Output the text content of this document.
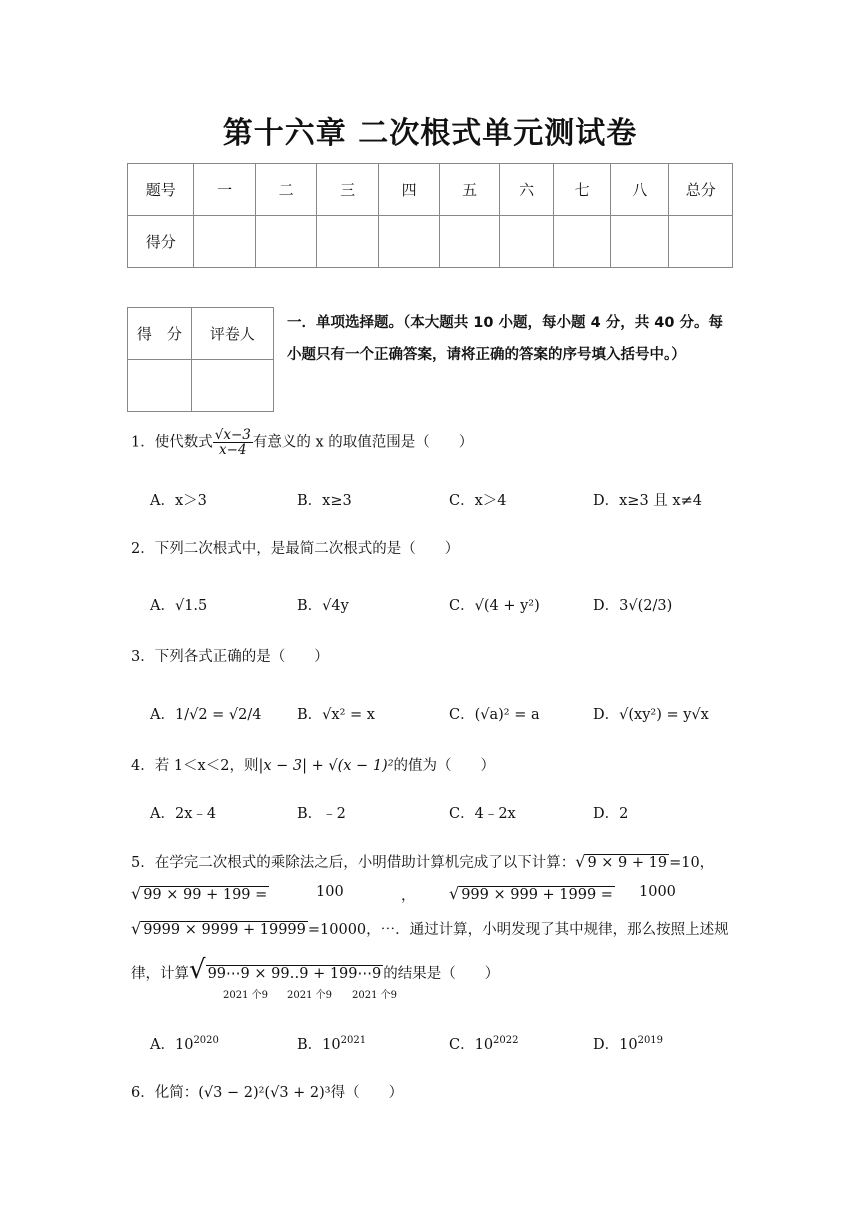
第十六章 二次根式单元测试卷
题号	一	二	三	四	五	六	七	八	总分
得分									
得　分	评卷人

一．单项选择题。（本大题共 10 小题，每小题 4 分，共 40 分。每小题只有一个正确答案，请将正确的答案的序号填入括号中。）
1．使代数式 $\frac{√x-3}{x-4}$ 有意义的 x 的取值范围是（　　）
A．x＞3	B．x≥3	C．x＞4	D．x≥3 且 x≠4
2．下列二次根式中，是最简二次根式的是（　　）
A．√1.5	B．√4y	C．√(4 + y²)	D．3√(2/3)
3．下列各式正确的是（　　）
A．1/√2 = √2/4 B．√x² = x	C．(√a)² = a	D．√(xy²) = y√x
4．若 1＜x＜2，则|x − 3| + √(x − 1)²的值为（　　）
A．2x﹣4	B．﹣2	C．4﹣2x	D．2
5．在学完二次根式的乘除法之后，小明借助计算机完成了以下计算：√ 9 × 9 + 19 =10，
√ 99 × 99 + 199 =	100	， √ 999 × 999 + 1999 = 1000
√ 9999 × 9999 + 19999 =10000，⋯．通过计算，小明发现了其中规律，那么按照上述规
律，计算√ 99⋯9 × 99‥9 + 199⋯9 的结果是（　　）
2021 个9 2021 个9 2021 个9
A．$10^{2020}$	B．$10^{2021}$	C．$10^{2022}$	D．$10^{2019}$
6．化简：(√3 − 2)²(√3 + 2)³得（　　）
